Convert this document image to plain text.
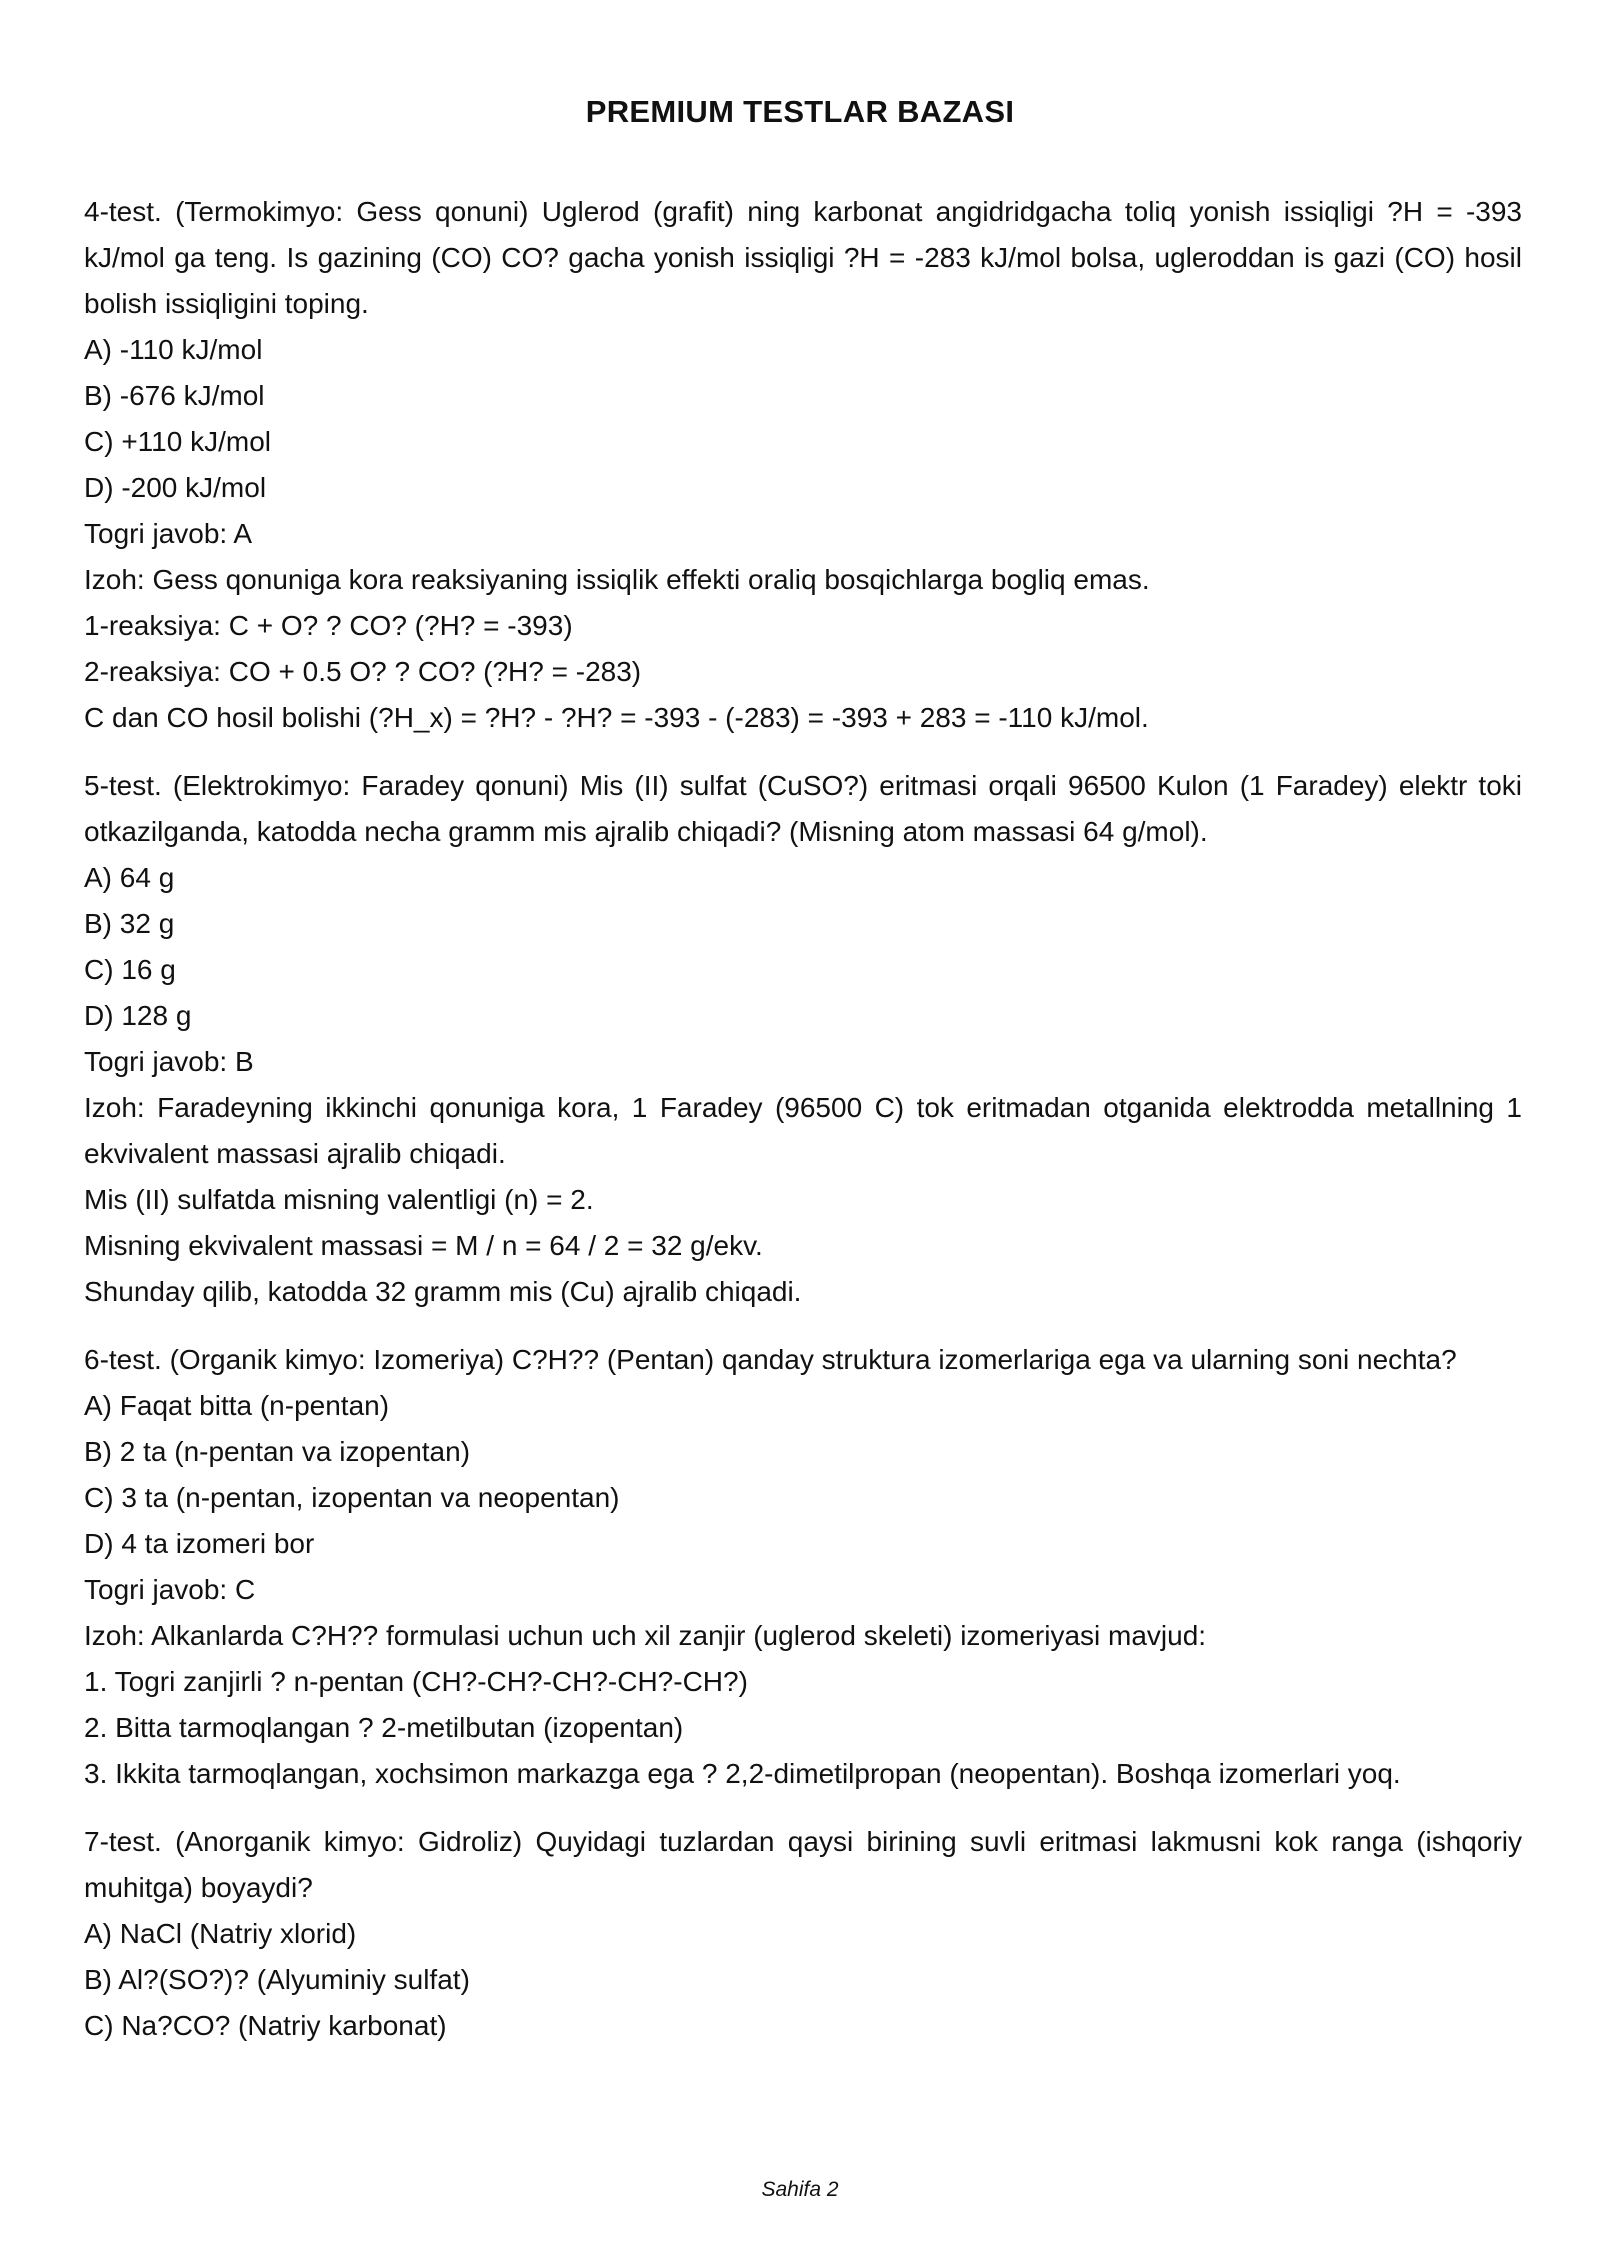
PREMIUM TESTLAR BAZASI
4-test. (Termokimyo: Gess qonuni) Uglerod (grafit) ning karbonat angidridgacha toliq yonish issiqligi ?H = -393 kJ/mol ga teng. Is gazining (CO) CO? gacha yonish issiqligi ?H = -283 kJ/mol bolsa, ugleroddan is gazi (CO) hosil bolish issiqligini toping.
A) -110 kJ/mol
B) -676 kJ/mol
C) +110 kJ/mol
D) -200 kJ/mol
Togri javob: A
Izoh: Gess qonuniga kora reaksiyaning issiqlik effekti oraliq bosqichlarga bogliq emas.
1-reaksiya: C + O? ? CO? (?H? = -393)
2-reaksiya: CO + 0.5 O? ? CO? (?H? = -283)
C dan CO hosil bolishi (?H_x) = ?H? - ?H? = -393 - (-283) = -393 + 283 = -110 kJ/mol.
5-test. (Elektrokimyo: Faradey qonuni) Mis (II) sulfat (CuSO?) eritmasi orqali 96500 Kulon (1 Faradey) elektr toki otkazilganda, katodda necha gramm mis ajralib chiqadi? (Misning atom massasi 64 g/mol).
A) 64 g
B) 32 g
C) 16 g
D) 128 g
Togri javob: B
Izoh: Faradeyning ikkinchi qonuniga kora, 1 Faradey (96500 C) tok eritmadan otganida elektrodda metallning 1 ekvivalent massasi ajralib chiqadi.
Mis (II) sulfatda misning valentligi (n) = 2.
Misning ekvivalent massasi = M / n = 64 / 2 = 32 g/ekv.
Shunday qilib, katodda 32 gramm mis (Cu) ajralib chiqadi.
6-test. (Organik kimyo: Izomeriya) C?H?? (Pentan) qanday struktura izomerlariga ega va ularning soni nechta?
A) Faqat bitta (n-pentan)
B) 2 ta (n-pentan va izopentan)
C) 3 ta (n-pentan, izopentan va neopentan)
D) 4 ta izomeri bor
Togri javob: C
Izoh: Alkanlarda C?H?? formulasi uchun uch xil zanjir (uglerod skeleti) izomeriyasi mavjud:
1. Togri zanjirli ? n-pentan (CH?-CH?-CH?-CH?-CH?)
2. Bitta tarmoqlangan ? 2-metilbutan (izopentan)
3. Ikkita tarmoqlangan, xochsimon markazga ega ? 2,2-dimetilpropan (neopentan). Boshqa izomerlari yoq.
7-test. (Anorganik kimyo: Gidroliz) Quyidagi tuzlardan qaysi birining suvli eritmasi lakmusni kok ranga (ishqoriy muhitga) boyaydi?
A) NaCl (Natriy xlorid)
B) Al?(SO?)? (Alyuminiy sulfat)
C) Na?CO? (Natriy karbonat)
Sahifa 2
